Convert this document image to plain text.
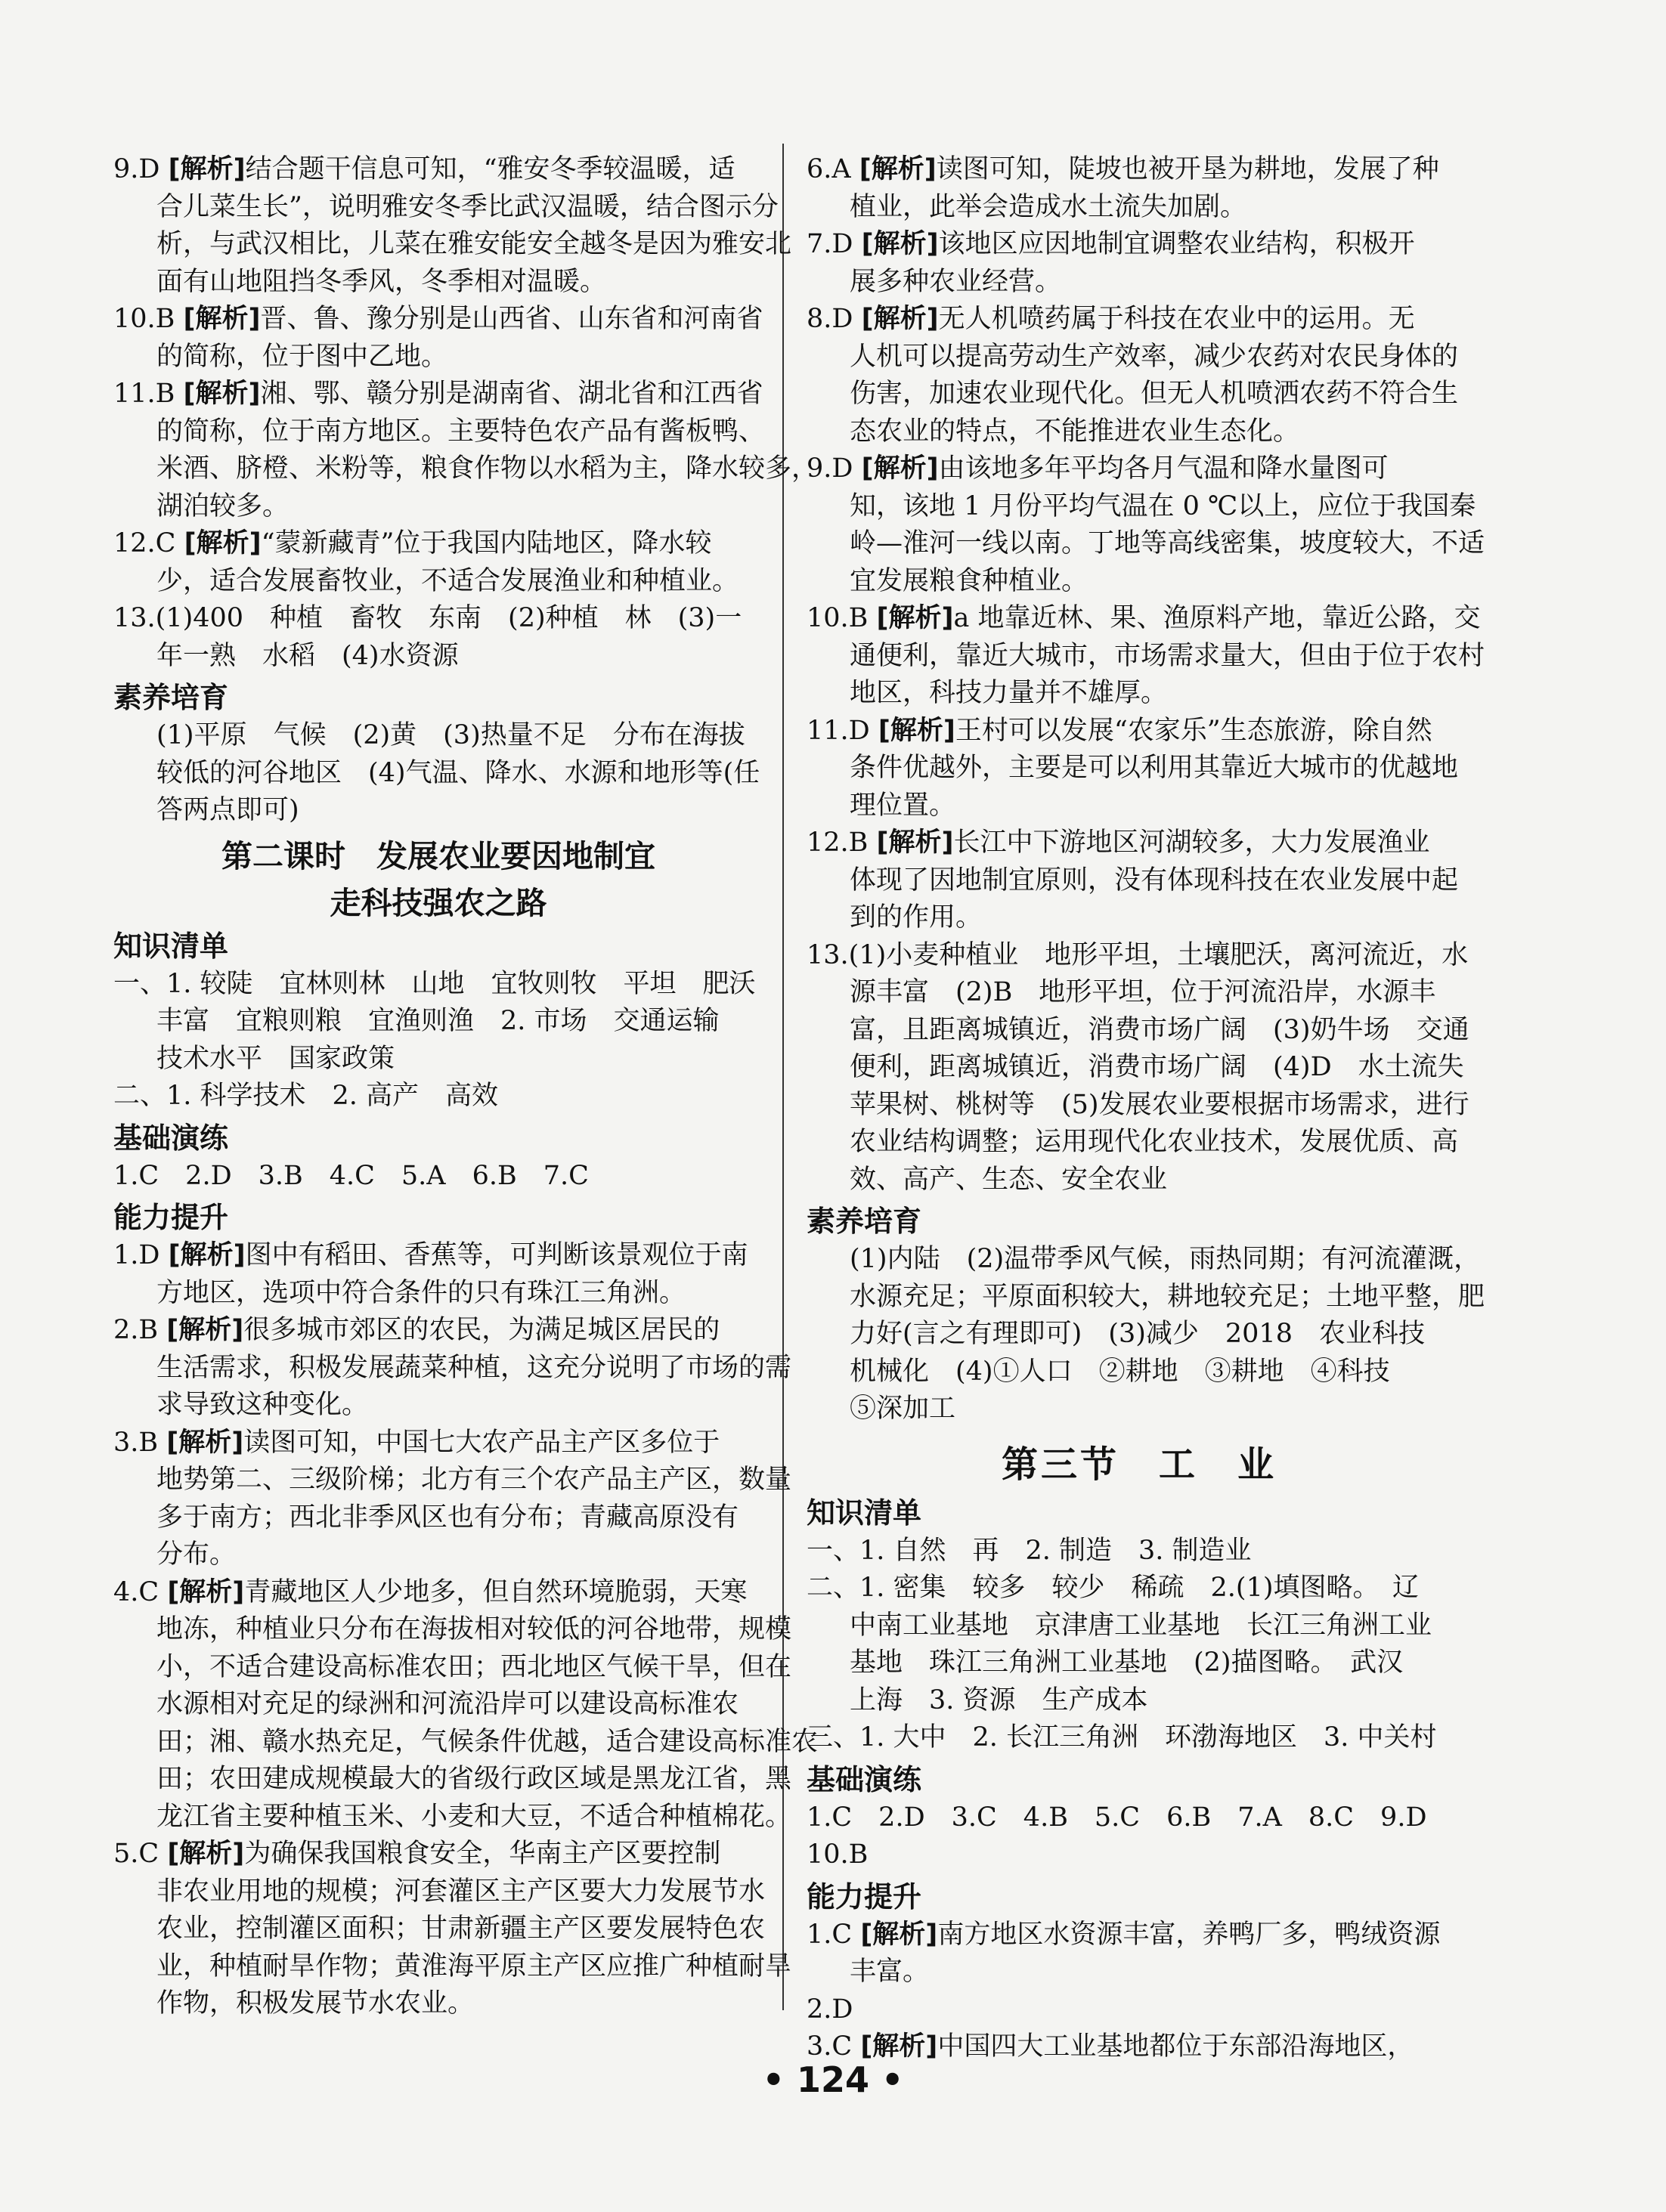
9.D [解析]结合题干信息可知，“雅安冬季较温暖，适
合儿菜生长”，说明雅安冬季比武汉温暖，结合图示分
析，与武汉相比，儿菜在雅安能安全越冬是因为雅安北
面有山地阻挡冬季风，冬季相对温暖。
10.B [解析]晋、鲁、豫分别是山西省、山东省和河南省
的简称，位于图中乙地。
11.B [解析]湘、鄂、赣分别是湖南省、湖北省和江西省
的简称，位于南方地区。主要特色农产品有酱板鸭、
米酒、脐橙、米粉等，粮食作物以水稻为主，降水较多，
湖泊较多。
12.C [解析]“蒙新藏青”位于我国内陆地区，降水较
少，适合发展畜牧业，不适合发展渔业和种植业。
13.(1)400　种植　畜牧　东南　(2)种植　林　(3)一
年一熟　水稻　(4)水资源
素养培育
(1)平原　气候　(2)黄　(3)热量不足　分布在海拔
较低的河谷地区　(4)气温、降水、水源和地形等(任
答两点即可)
第二课时　发展农业要因地制宜
走科技强农之路
知识清单
一、1. 较陡　宜林则林　山地　宜牧则牧　平坦　肥沃
丰富　宜粮则粮　宜渔则渔　2. 市场　交通运输
技术水平　国家政策
二、1. 科学技术　2. 高产　高效
基础演练
1.C　2.D　3.B　4.C　5.A　6.B　7.C
能力提升
1.D [解析]图中有稻田、香蕉等，可判断该景观位于南
方地区，选项中符合条件的只有珠江三角洲。
2.B [解析]很多城市郊区的农民，为满足城区居民的
生活需求，积极发展蔬菜种植，这充分说明了市场的需
求导致这种变化。
3.B [解析]读图可知，中国七大农产品主产区多位于
地势第二、三级阶梯；北方有三个农产品主产区，数量
多于南方；西北非季风区也有分布；青藏高原没有
分布。
4.C [解析]青藏地区人少地多，但自然环境脆弱，天寒
地冻，种植业只分布在海拔相对较低的河谷地带，规模
小，不适合建设高标准农田；西北地区气候干旱，但在
水源相对充足的绿洲和河流沿岸可以建设高标准农
田；湘、赣水热充足，气候条件优越，适合建设高标准农
田；农田建成规模最大的省级行政区域是黑龙江省，黑
龙江省主要种植玉米、小麦和大豆，不适合种植棉花。
5.C [解析]为确保我国粮食安全，华南主产区要控制
非农业用地的规模；河套灌区主产区要大力发展节水
农业，控制灌区面积；甘肃新疆主产区要发展特色农
业，种植耐旱作物；黄淮海平原主产区应推广种植耐旱
作物，积极发展节水农业。
6.A [解析]读图可知，陡坡也被开垦为耕地，发展了种
植业，此举会造成水土流失加剧。
7.D [解析]该地区应因地制宜调整农业结构，积极开
展多种农业经营。
8.D [解析]无人机喷药属于科技在农业中的运用。无
人机可以提高劳动生产效率，减少农药对农民身体的
伤害，加速农业现代化。但无人机喷洒农药不符合生
态农业的特点，不能推进农业生态化。
9.D [解析]由该地多年平均各月气温和降水量图可
知，该地 1 月份平均气温在 0 ℃以上，应位于我国秦
岭—淮河一线以南。丁地等高线密集，坡度较大，不适
宜发展粮食种植业。
10.B [解析]a 地靠近林、果、渔原料产地，靠近公路，交
通便利，靠近大城市，市场需求量大，但由于位于农村
地区，科技力量并不雄厚。
11.D [解析]王村可以发展“农家乐”生态旅游，除自然
条件优越外，主要是可以利用其靠近大城市的优越地
理位置。
12.B [解析]长江中下游地区河湖较多，大力发展渔业
体现了因地制宜原则，没有体现科技在农业发展中起
到的作用。
13.(1)小麦种植业　地形平坦，土壤肥沃，离河流近，水
源丰富　(2)B　地形平坦，位于河流沿岸，水源丰
富，且距离城镇近，消费市场广阔　(3)奶牛场　交通
便利，距离城镇近，消费市场广阔　(4)D　水土流失
苹果树、桃树等　(5)发展农业要根据市场需求，进行
农业结构调整；运用现代化农业技术，发展优质、高
效、高产、生态、安全农业
素养培育
(1)内陆　(2)温带季风气候，雨热同期；有河流灌溉，
水源充足；平原面积较大，耕地较充足；土地平整，肥
力好(言之有理即可)　(3)减少　2018　农业科技
机械化　(4)①人口　②耕地　③耕地　④科技
⑤深加工
第三节　工　业
知识清单
一、1. 自然　再　2. 制造　3. 制造业
二、1. 密集　较多　较少　稀疏　2.(1)填图略。　辽
中南工业基地　京津唐工业基地　长江三角洲工业
基地　珠江三角洲工业基地　(2)描图略。　武汉
上海　3. 资源　生产成本
三、1. 大中　2. 长江三角洲　环渤海地区　3. 中关村
基础演练
1.C　2.D　3.C　4.B　5.C　6.B　7.A　8.C　9.D
10.B
能力提升
1.C [解析]南方地区水资源丰富，养鸭厂多，鸭绒资源
丰富。
2.D
3.C [解析]中国四大工业基地都位于东部沿海地区，
• 124 •
